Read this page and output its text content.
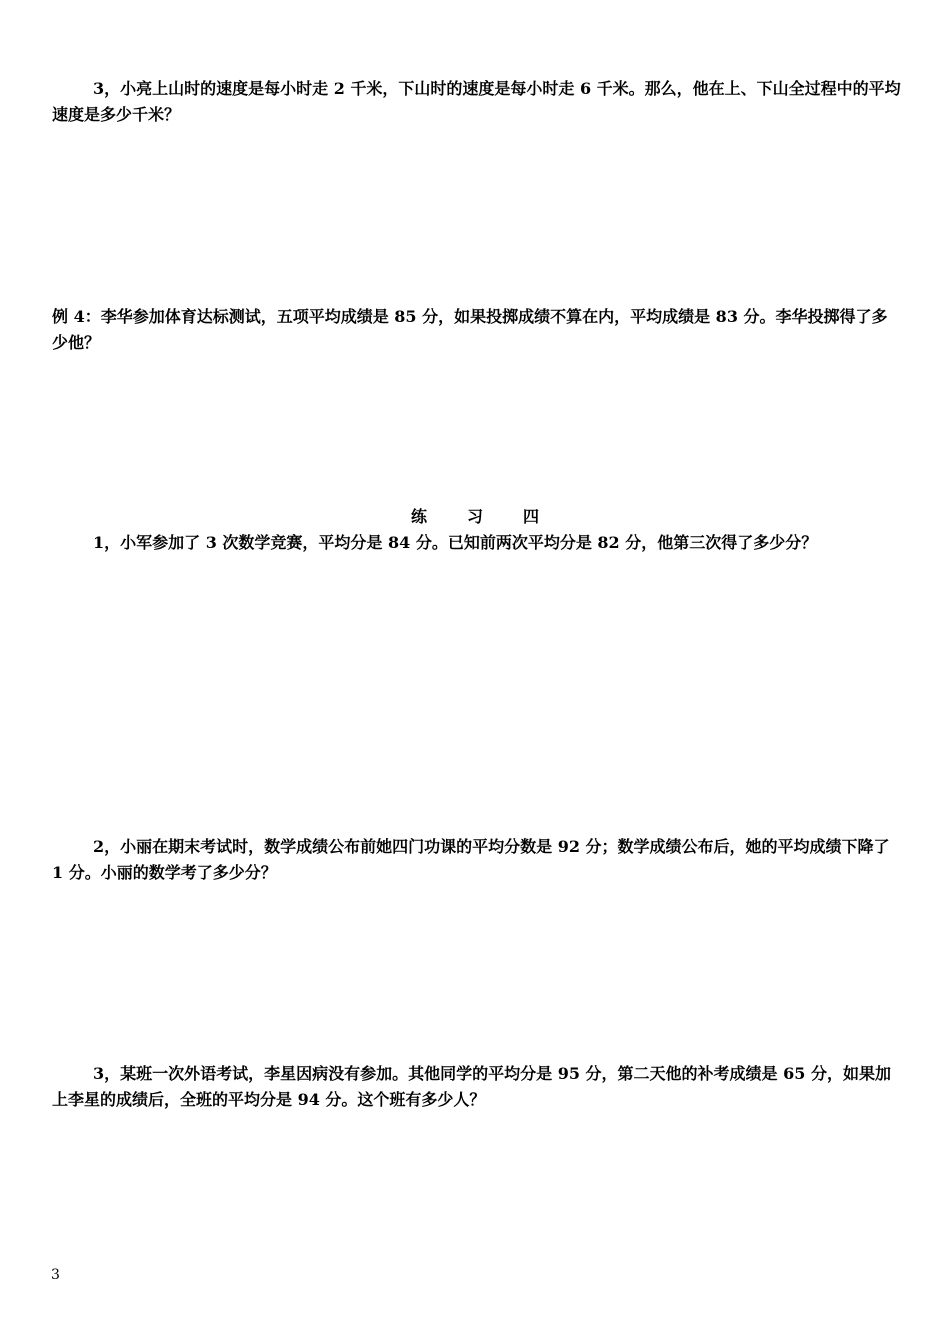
3，小亮上山时的速度是每小时走 2 千米，下山时的速度是每小时走 6 千米。那么，他在上、下山全过程中的平均速度是多少千米？

例 4：李华参加体育达标测试，五项平均成绩是 85 分，如果投掷成绩不算在内，平均成绩是 83 分。李华投掷得了多少他？

练习四

1，小军参加了 3 次数学竞赛，平均分是 84 分。已知前两次平均分是 82 分，他第三次得了多少分？

2，小丽在期末考试时，数学成绩公布前她四门功课的平均分数是 92 分；数学成绩公布后，她的平均成绩下降了 1 分。小丽的数学考了多少分？

3，某班一次外语考试，李星因病没有参加。其他同学的平均分是 95 分，第二天他的补考成绩是 65 分，如果加上李星的成绩后，全班的平均分是 94 分。这个班有多少人？

3
